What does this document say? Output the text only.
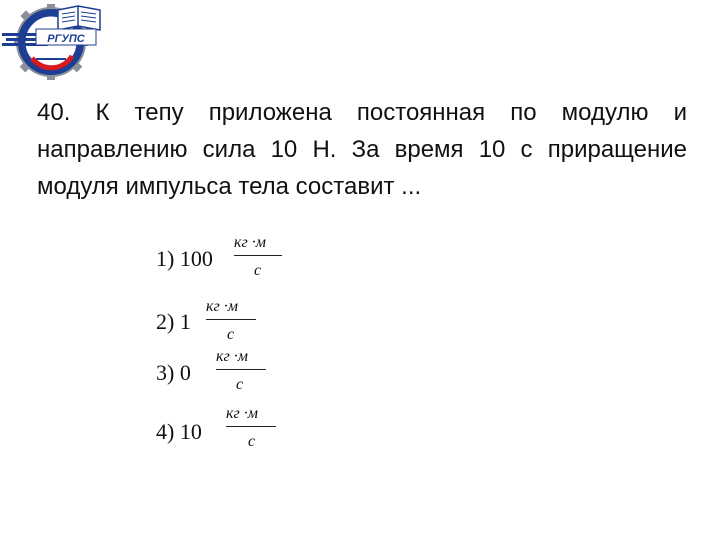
РГУПС

40. К тепу приложена постоянная по модулю и направлению сила 10 Н. За время 10 с приращение модуля импульса тела составит ...

1) 100
кг ·м
с
2) 1
кг ·м
с
3) 0
кг ·м
с
4) 10
кг ·м
с
